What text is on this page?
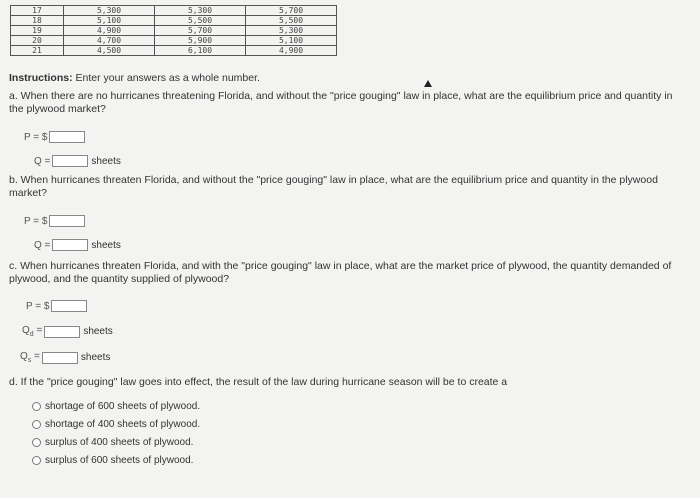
17	5,300	5,300	5,700
18	5,100	5,500	5,500
19	4,900	5,700	5,300
20	4,700	5,900	5,100
21	4,500	6,100	4,900
Instructions: Enter your answers as a whole number.
a. When there are no hurricanes threatening Florida, and without the "price gouging" law in place, what are the equilibrium price and quantity in the plywood market?
P = $
Q =	sheets
b. When hurricanes threaten Florida, and without the "price gouging" law in place, what are the equilibrium price and quantity in the plywood market?
P = $
Q =	sheets
c. When hurricanes threaten Florida, and with the "price gouging" law in place, what are the market price of plywood, the quantity demanded of plywood, and the quantity supplied of plywood?
P = $
$Q_d$ =	sheets
$Q_s$ =	sheets
d. If the "price gouging" law goes into effect, the result of the law during hurricane season will be to create a
shortage of 600 sheets of plywood.
shortage of 400 sheets of plywood.
surplus of 400 sheets of plywood.
surplus of 600 sheets of plywood.
